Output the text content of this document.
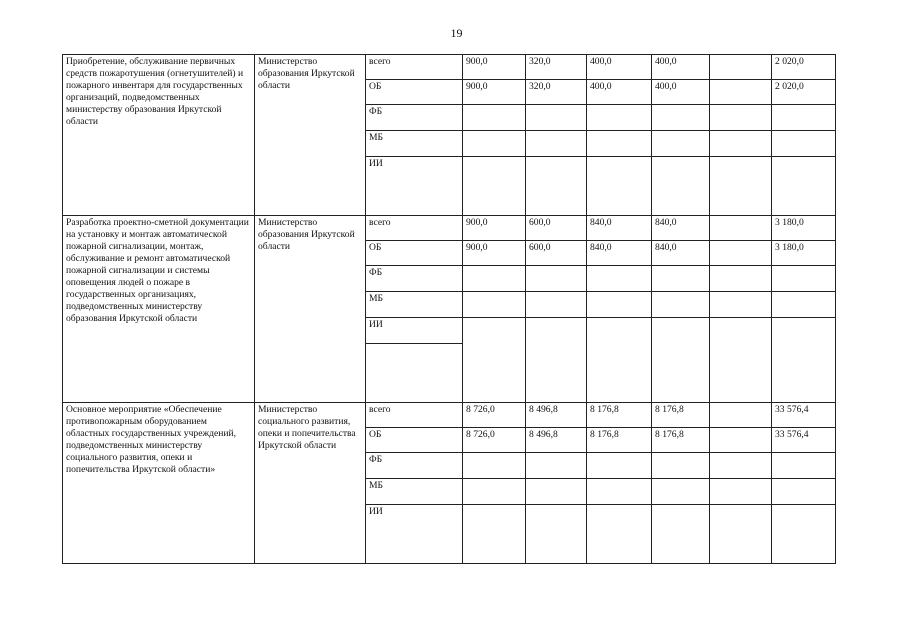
19
Приобретение, обслуживание первичных средств пожаротушения (огнетушителей) и пожарного инвентаря для государственных организаций, подведомственных министерству образования Иркутской области	Министерство образования Иркутской области	всего	900,0	320,0	400,0	400,0		2 020,0
		ОБ	900,0	320,0	400,0	400,0		2 020,0
		ФБ						
		МБ						
		ИИ						
Разработка проектно-сметной документации на установку и монтаж автоматической пожарной сигнализации, монтаж, обслуживание и ремонт автоматической пожарной сигнализации и системы оповещения людей о пожаре в государственных организациях, подведомственных министерству образования Иркутской области	Министерство образования Иркутской области	всего	900,0	600,0	840,0	840,0		3 180,0
		ОБ	900,0	600,0	840,0	840,0		3 180,0
		ФБ						
		МБ						
		ИИ						

Основное мероприятие «Обеспечение противопожарным оборудованием областных государственных учреждений, подведомственных министерству социального развития, опеки и попечительства Иркутской области»	Министерство социального развития, опеки и попечительства Иркутской области	всего	8 726,0	8 496,8	8 176,8	8 176,8		33 576,4
		ОБ	8 726,0	8 496,8	8 176,8	8 176,8		33 576,4
		ФБ						
		МБ						
		ИИ						
